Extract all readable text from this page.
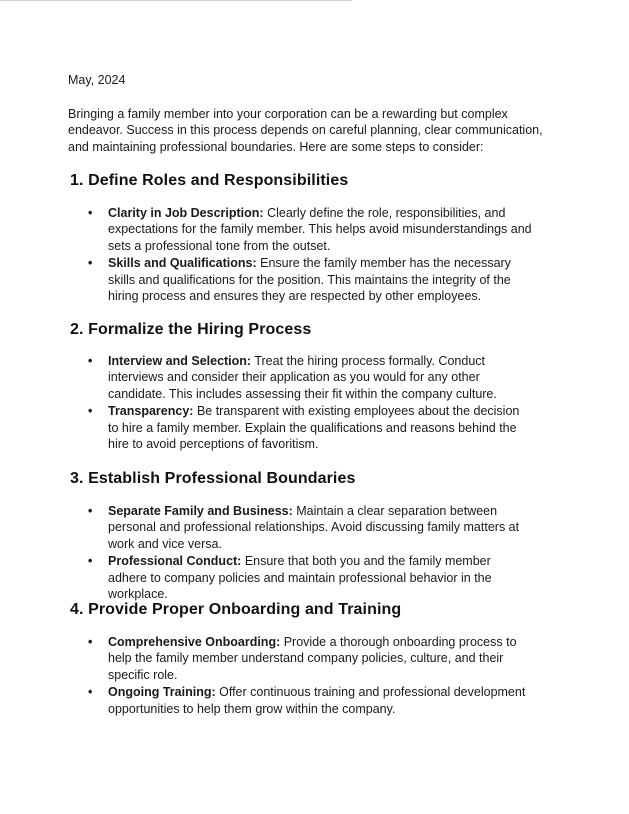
May, 2024
Bringing a family member into your corporation can be a rewarding but complex endeavor. Success in this process depends on careful planning, clear communication, and maintaining professional boundaries. Here are some steps to consider:
1. Define Roles and Responsibilities
• Clarity in Job Description: Clearly define the role, responsibilities, and expectations for the family member. This helps avoid misunderstandings and sets a professional tone from the outset.
• Skills and Qualifications: Ensure the family member has the necessary skills and qualifications for the position. This maintains the integrity of the hiring process and ensures they are respected by other employees.
2. Formalize the Hiring Process
• Interview and Selection: Treat the hiring process formally. Conduct interviews and consider their application as you would for any other candidate. This includes assessing their fit within the company culture.
• Transparency: Be transparent with existing employees about the decision to hire a family member. Explain the qualifications and reasons behind the hire to avoid perceptions of favoritism.
3. Establish Professional Boundaries
• Separate Family and Business: Maintain a clear separation between personal and professional relationships. Avoid discussing family matters at work and vice versa.
• Professional Conduct: Ensure that both you and the family member adhere to company policies and maintain professional behavior in the workplace.
4. Provide Proper Onboarding and Training
• Comprehensive Onboarding: Provide a thorough onboarding process to help the family member understand company policies, culture, and their specific role.
• Ongoing Training: Offer continuous training and professional development opportunities to help them grow within the company.
